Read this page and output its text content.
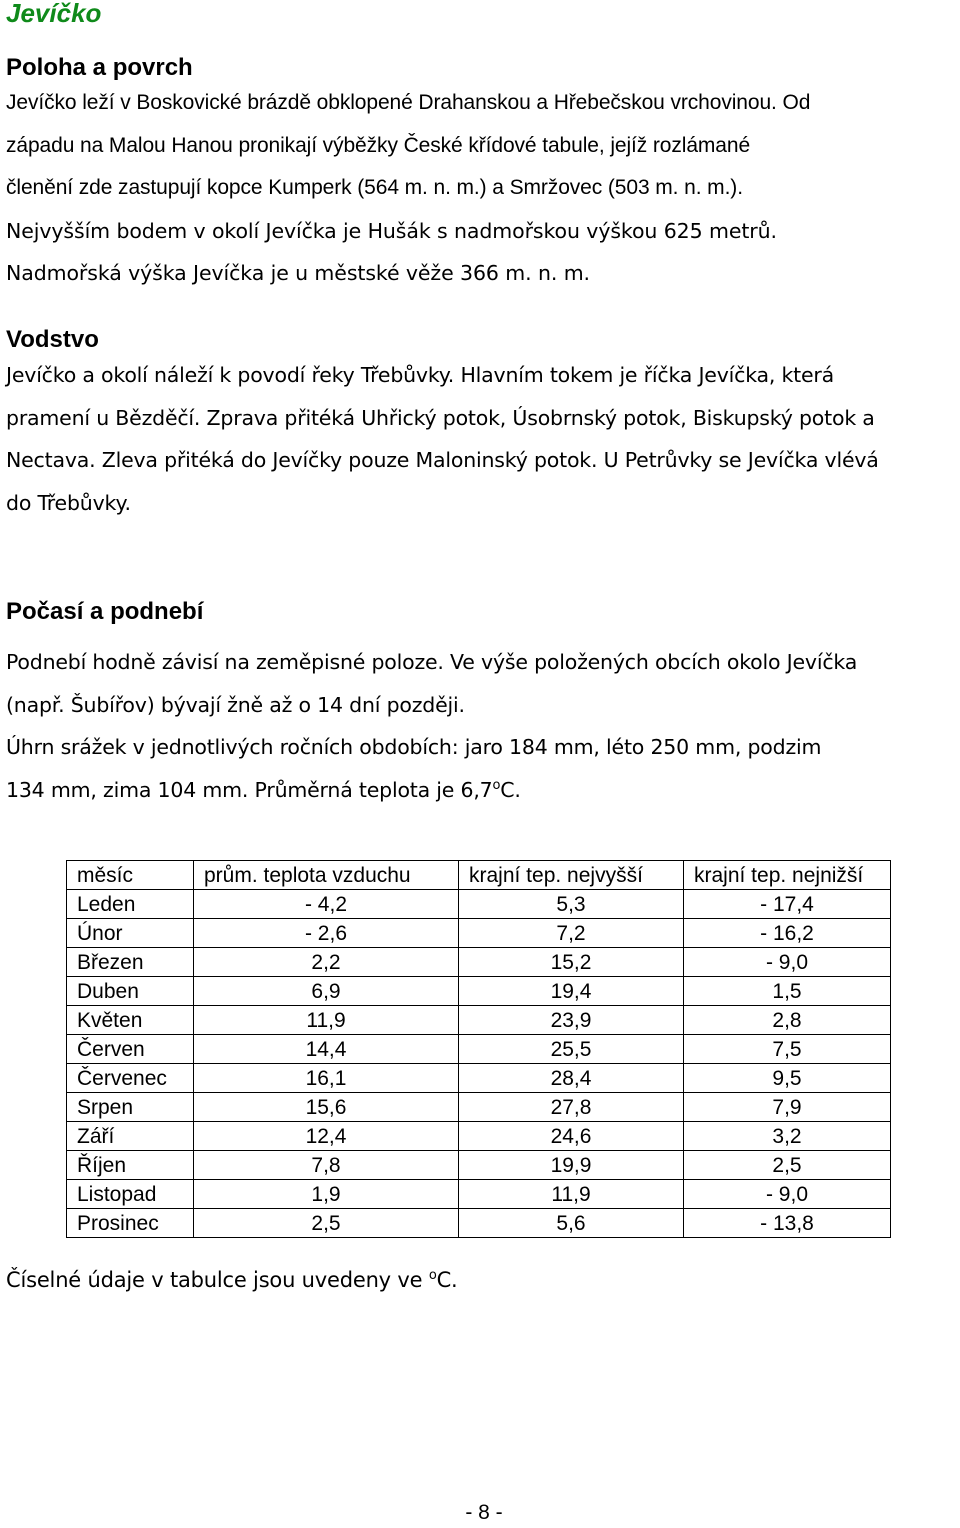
Jevíčko
Poloha a povrch
Jevíčko leží v Boskovické brázdě obklopené Drahanskou a Hřebečskou vrchovinou. Od
západu na Malou Hanou pronikají výběžky České křídové tabule, jejíž rozlámané
členění zde zastupují kopce Kumperk (564 m. n. m.) a Smržovec (503 m. n. m.).
Nejvyšším bodem v okolí Jevíčka je Hušák s nadmořskou výškou 625 metrů.
Nadmořská výška Jevíčka je u městské věže 366 m. n. m.
Vodstvo
Jevíčko a okolí náleží k povodí řeky Třebůvky. Hlavním tokem je říčka Jevíčka, která
pramení u Bězděčí. Zprava přitéká Uhřický potok, Úsobrnský potok, Biskupský potok a
Nectava. Zleva přitéká do Jevíčky pouze Maloninský potok. U Petrůvky se Jevíčka vlévá
do Třebůvky.
Počasí a podnebí
Podnebí hodně závisí na zeměpisné poloze. Ve výše položených obcích okolo Jevíčka
(např. Šubířov) bývají žně až o 14 dní později.
Úhrn srážek v jednotlivých ročních obdobích: jaro 184 mm, léto 250 mm, podzim
134 mm, zima 104 mm. Průměrná teplota je 6,7$^o$C.
měsíc	prům. teplota vzduchu	krajní tep. nejvyšší	krajní tep. nejnižší
Leden	- 4,2	5,3	- 17,4
Únor	- 2,6	7,2	- 16,2
Březen	2,2	15,2	- 9,0
Duben	6,9	19,4	1,5
Květen	11,9	23,9	2,8
Červen	14,4	25,5	7,5
Červenec	16,1	28,4	9,5
Srpen	15,6	27,8	7,9
Září	12,4	24,6	3,2
Říjen	7,8	19,9	2,5
Listopad	1,9	11,9	- 9,0
Prosinec	2,5	5,6	- 13,8

Číselné údaje v tabulce jsou uvedeny ve $^o$C.

- 8 -
